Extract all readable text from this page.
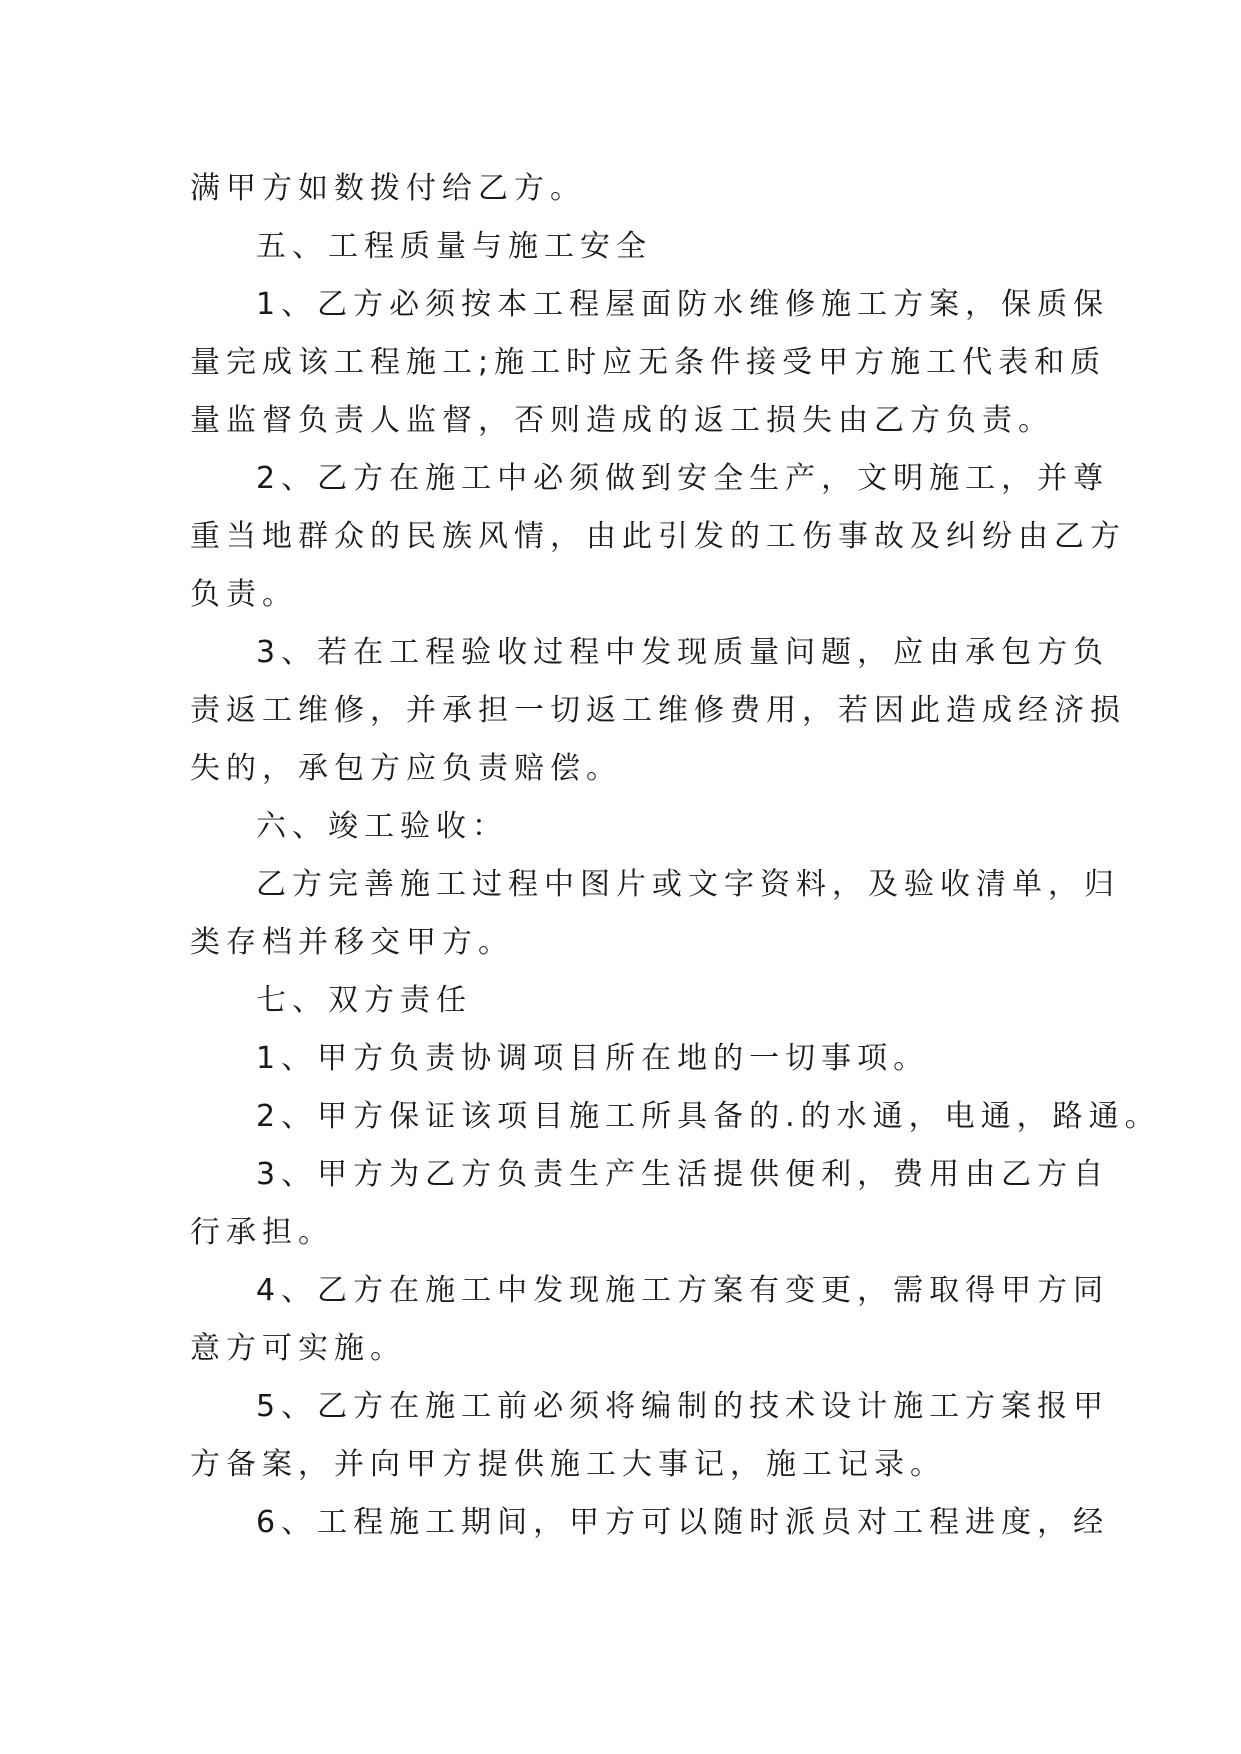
满甲方如数拨付给乙方。
五、工程质量与施工安全
1、乙方必须按本工程屋面防水维修施工方案，保质保
量完成该工程施工;施工时应无条件接受甲方施工代表和质
量监督负责人监督，否则造成的返工损失由乙方负责。
2、乙方在施工中必须做到安全生产，文明施工，并尊
重当地群众的民族风情，由此引发的工伤事故及纠纷由乙方
负责。
3、若在工程验收过程中发现质量问题，应由承包方负
责返工维修，并承担一切返工维修费用，若因此造成经济损
失的，承包方应负责赔偿。
六、竣工验收：
乙方完善施工过程中图片或文字资料，及验收清单，归
类存档并移交甲方。
七、双方责任
1、甲方负责协调项目所在地的一切事项。
2、甲方保证该项目施工所具备的.的水通，电通，路通。
3、甲方为乙方负责生产生活提供便利，费用由乙方自
行承担。
4、乙方在施工中发现施工方案有变更，需取得甲方同
意方可实施。
5、乙方在施工前必须将编制的技术设计施工方案报甲
方备案，并向甲方提供施工大事记，施工记录。
6、工程施工期间，甲方可以随时派员对工程进度，经
